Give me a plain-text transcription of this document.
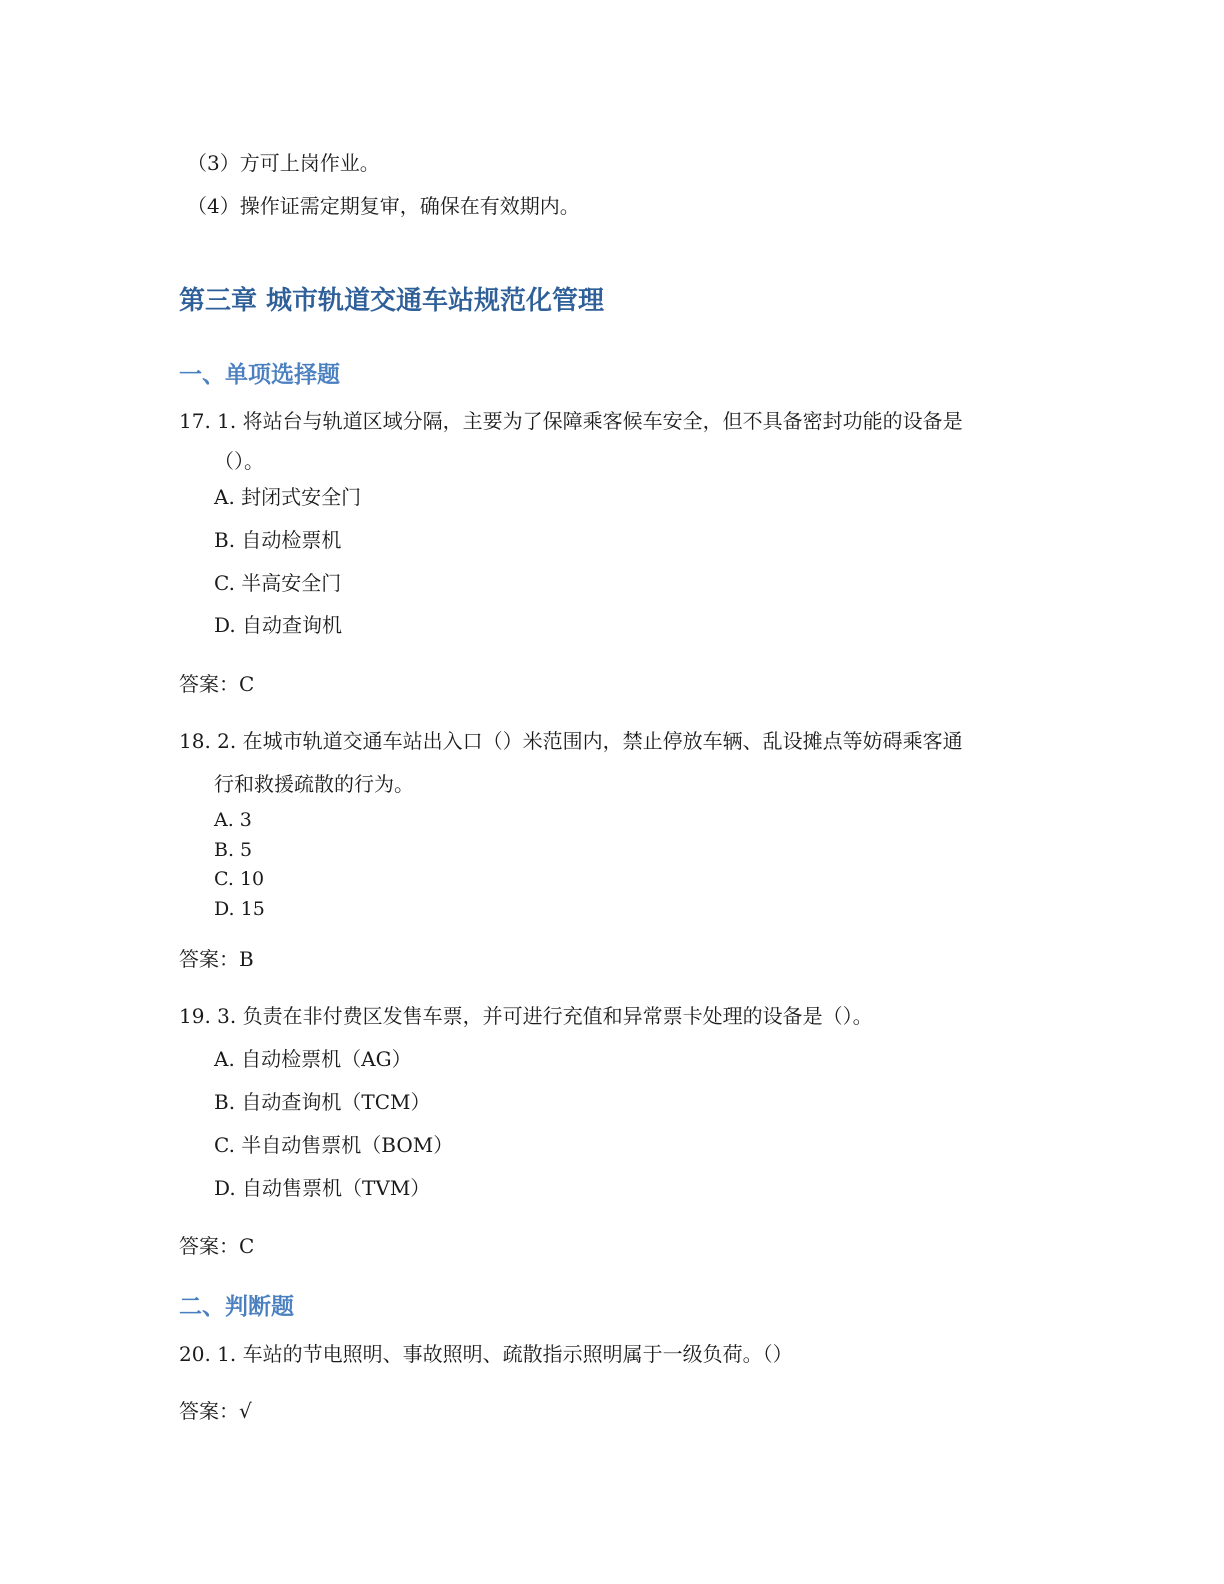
（3）方可上岗作业。
（4）操作证需定期复审，确保在有效期内。
第三章 城市轨道交通车站规范化管理
一、单项选择题
17. 1. 将站台与轨道区域分隔，主要为了保障乘客候车安全，但不具备密封功能的设备是
（）。
A. 封闭式安全门
B. 自动检票机
C. 半高安全门
D. 自动查询机
答案：C
18. 2. 在城市轨道交通车站出入口（）米范围内，禁止停放车辆、乱设摊点等妨碍乘客通
行和救援疏散的行为。
A. 3
B. 5
C. 10
D. 15
答案：B
19. 3. 负责在非付费区发售车票，并可进行充值和异常票卡处理的设备是（）。
A. 自动检票机（AG）
B. 自动查询机（TCM）
C. 半自动售票机（BOM）
D. 自动售票机（TVM）
答案：C
二、判断题
20. 1. 车站的节电照明、事故照明、疏散指示照明属于一级负荷。（）
答案：√
